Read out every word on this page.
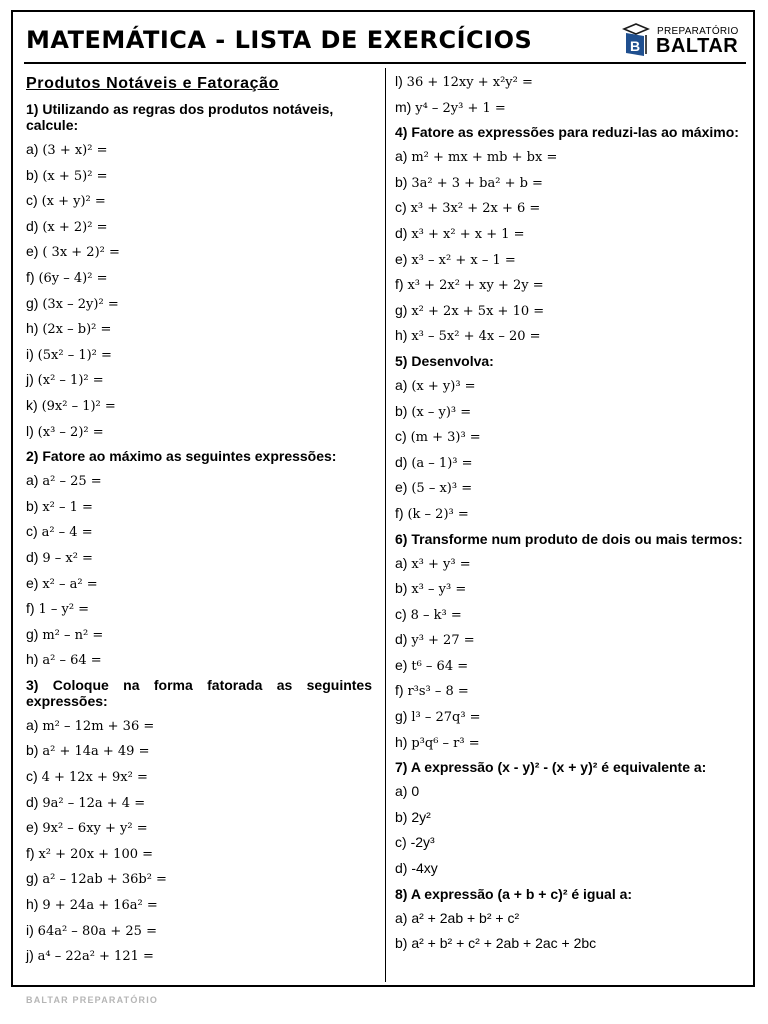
MATEMÁTICA - LISTA DE EXERCÍCIOS	B
PREPARATÓRIO
BALTAR
Produtos Notáveis e Fatoração
1) Utilizando as regras dos produtos notáveis, calcule:
a) (3 + x)² =
b) (x + 5)² =
c) (x + y)² =
d) (x + 2)² =
e) ( 3x + 2)² =
f) (6y – 4)² =
g) (3x – 2y)² =
h) (2x – b)² =
i) (5x² – 1)² =
j) (x² – 1)² =
k) (9x² – 1)² =
l) (x³ – 2)² =
2) Fatore ao máximo as seguintes expressões:
a) a² – 25 =
b) x² – 1 =
c) a² – 4 =
d) 9 – x² =
e) x² – a² =
f) 1 – y² =
g) m² – n² =
h) a² – 64 =
3) Coloque na forma fatorada as seguintes expressões:
a) m² – 12m + 36 =
b) a² + 14a + 49 =
c) 4 + 12x + 9x² =
d) 9a² – 12a + 4 =
e) 9x² – 6xy + y² =
f) x² + 20x + 100 =
g) a² – 12ab + 36b² =
h) 9 + 24a + 16a² =
i) 64a² – 80a + 25 =
j) a⁴ – 22a² + 121 =
l) 36 + 12xy + x²y² =
m) y⁴ – 2y³ + 1 =
4) Fatore as expressões para reduzi-las ao máximo:
a) m² + mx + mb + bx =
b) 3a² + 3 + ba² + b =
c) x³ + 3x² + 2x + 6 =
d) x³ + x² + x + 1 =
e) x³ – x² + x – 1 =
f) x³ + 2x² + xy + 2y =
g) x² + 2x + 5x + 10 =
h) x³ – 5x² + 4x – 20 =
5) Desenvolva:
a) (x + y)³ =
b) (x – y)³ =
c) (m + 3)³ =
d) (a – 1)³ =
e) (5 – x)³ =
f) (k – 2)³ =
6) Transforme num produto de dois ou mais termos:
a) x³ + y³ =
b) x³ – y³ =
c) 8 – k³ =
d) y³ + 27 =
e) t⁶ – 64 =
f) r³s³ – 8 =
g) l³ – 27q³ =
h) p³q⁶ – r³ =
7) A expressão (x - y)² - (x + y)² é equivalente a:
a) 0
b) 2y²
c) -2y³
d) -4xy
8) A expressão (a + b + c)² é igual a:
a) a² + 2ab + b² + c²
b) a² + b² + c² + 2ab + 2ac + 2bc
BALTAR PREPARATÓRIO
